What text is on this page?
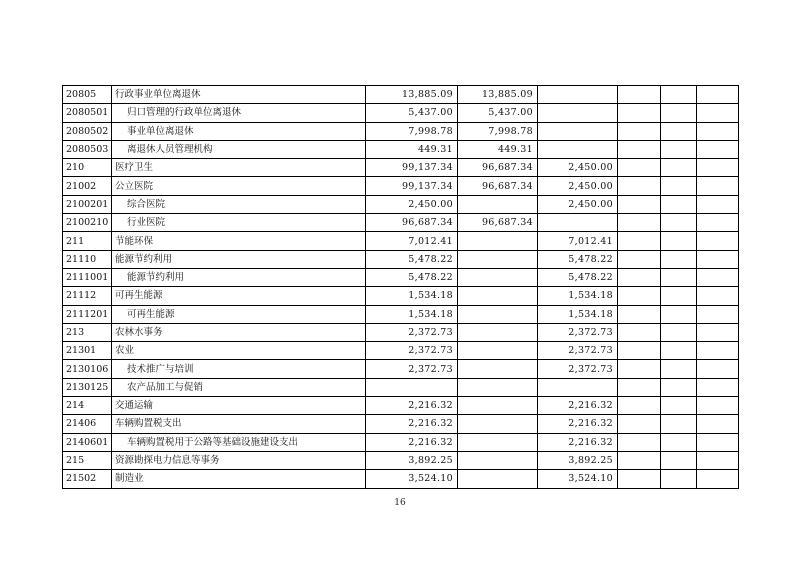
20805	行政事业单位离退休	13,885.09	13,885.09				
2080501	归口管理的行政单位离退休	5,437.00	5,437.00				
2080502	事业单位离退休	7,998.78	7,998.78				
2080503	离退休人员管理机构	449.31	449.31				
210	医疗卫生	99,137.34	96,687.34	2,450.00			
21002	公立医院	99,137.34	96,687.34	2,450.00			
2100201	综合医院	2,450.00		2,450.00			
2100210	行业医院	96,687.34	96,687.34				
211	节能环保	7,012.41		7,012.41			
21110	能源节约利用	5,478.22		5,478.22			
2111001	能源节约利用	5,478.22		5,478.22			
21112	可再生能源	1,534.18		1,534.18			
2111201	可再生能源	1,534.18		1,534.18			
213	农林水事务	2,372.73		2,372.73			
21301	农业	2,372.73		2,372.73			
2130106	技术推广与培训	2,372.73		2,372.73			
2130125	农产品加工与促销						
214	交通运输	2,216.32		2,216.32			
21406	车辆购置税支出	2,216.32		2,216.32			
2140601	车辆购置税用于公路等基础设施建设支出	2,216.32		2,216.32			
215	资源勘探电力信息等事务	3,892.25		3,892.25			
21502	制造业	3,524.10		3,524.10			
16
